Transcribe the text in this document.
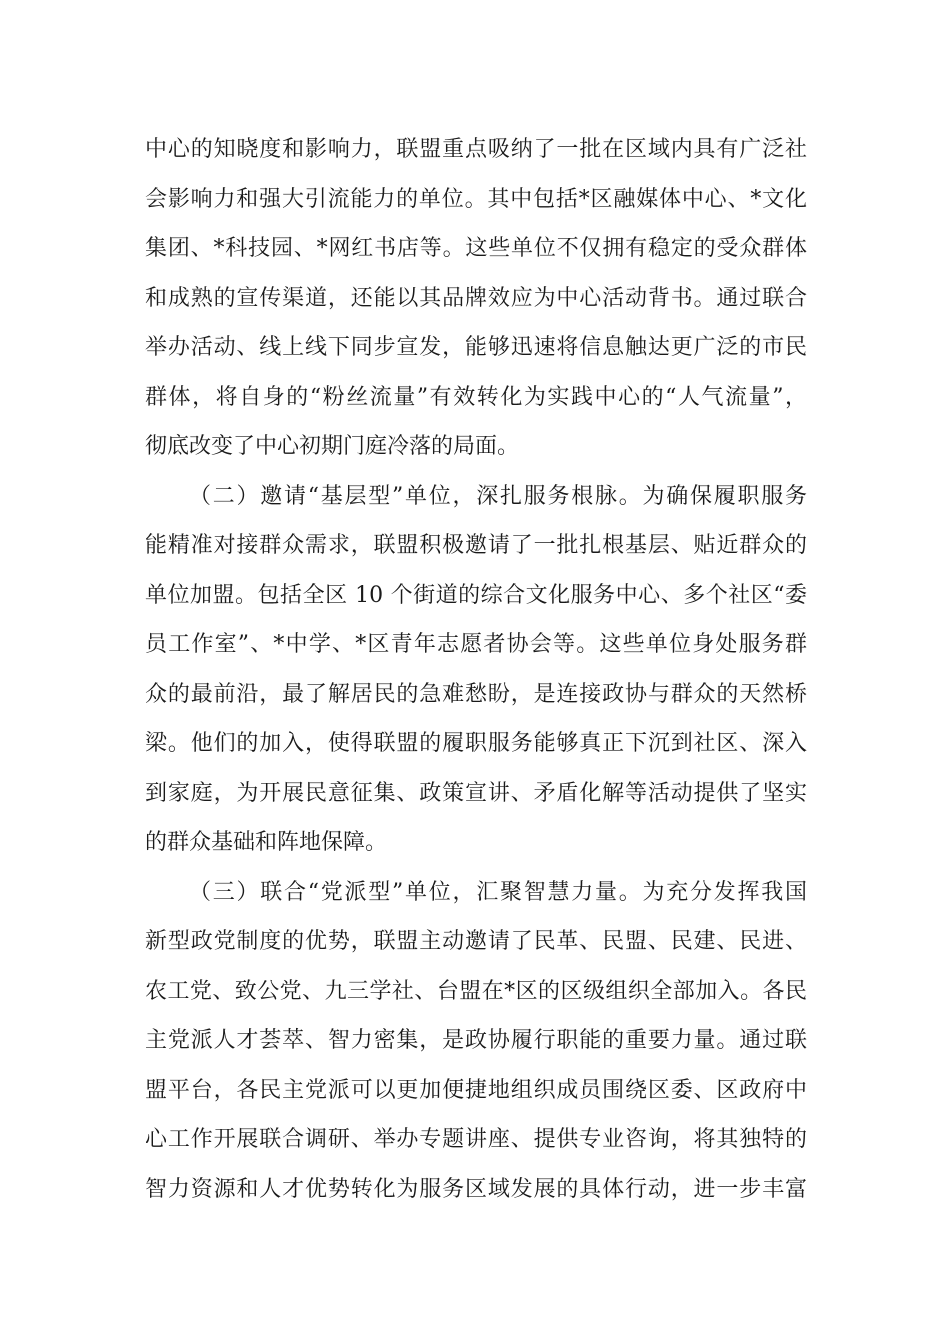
中心的知晓度和影响力，联盟重点吸纳了一批在区域内具有广泛社
会影响力和强大引流能力的单位。其中包括*区融媒体中心、*文化
集团、*科技园、*网红书店等。这些单位不仅拥有稳定的受众群体
和成熟的宣传渠道，还能以其品牌效应为中心活动背书。通过联合
举办活动、线上线下同步宣发，能够迅速将信息触达更广泛的市民
群体，将自身的“粉丝流量”有效转化为实践中心的“人气流量”，
彻底改变了中心初期门庭冷落的局面。
（二）邀请“基层型”单位，深扎服务根脉。为确保履职服务
能精准对接群众需求，联盟积极邀请了一批扎根基层、贴近群众的
单位加盟。包括全区 10 个街道的综合文化服务中心、多个社区“委
员工作室”、*中学、*区青年志愿者协会等。这些单位身处服务群
众的最前沿，最了解居民的急难愁盼，是连接政协与群众的天然桥
梁。他们的加入，使得联盟的履职服务能够真正下沉到社区、深入
到家庭，为开展民意征集、政策宣讲、矛盾化解等活动提供了坚实
的群众基础和阵地保障。
（三）联合“党派型”单位，汇聚智慧力量。为充分发挥我国
新型政党制度的优势，联盟主动邀请了民革、民盟、民建、民进、
农工党、致公党、九三学社、台盟在*区的区级组织全部加入。各民
主党派人才荟萃、智力密集，是政协履行职能的重要力量。通过联
盟平台，各民主党派可以更加便捷地组织成员围绕区委、区政府中
心工作开展联合调研、举办专题讲座、提供专业咨询，将其独特的
智力资源和人才优势转化为服务区域发展的具体行动，进一步丰富
